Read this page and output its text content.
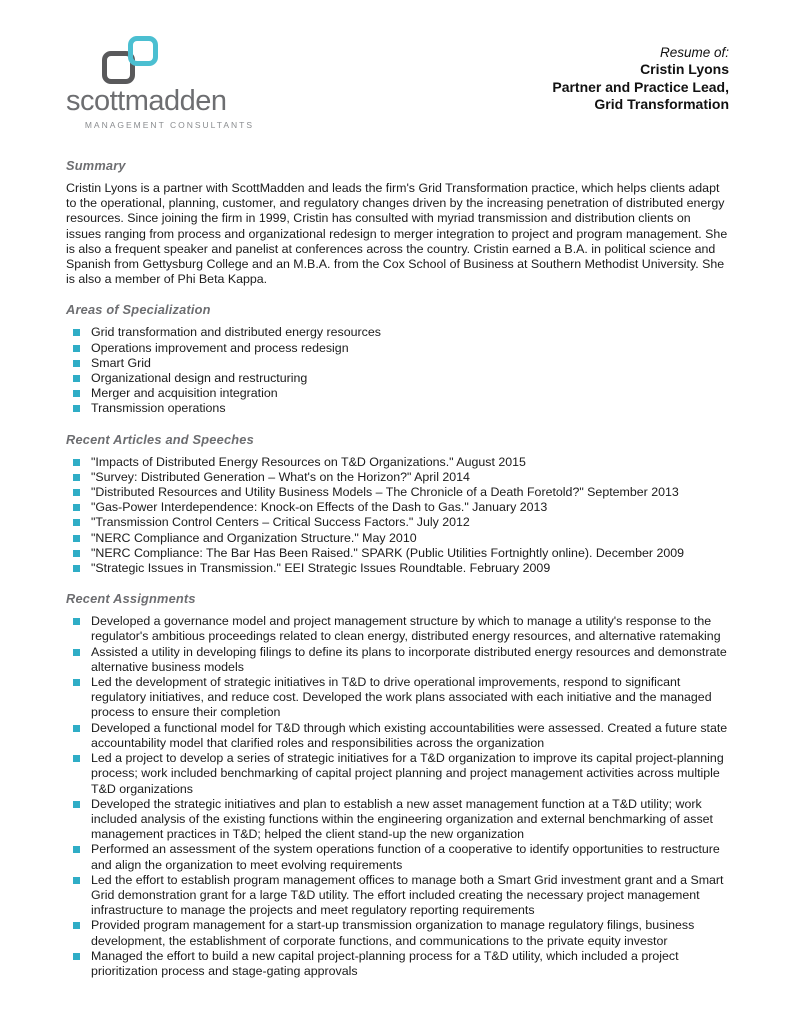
scottmadden
MANAGEMENT CONSULTANTS
Resume of:
Cristin Lyons
Partner and Practice Lead,
Grid Transformation
Summary
Cristin Lyons is a partner with ScottMadden and leads the firm's Grid Transformation practice, which helps clients adapt to the operational, planning, customer, and regulatory changes driven by the increasing penetration of distributed energy resources. Since joining the firm in 1999, Cristin has consulted with myriad transmission and distribution clients on issues ranging from process and organizational redesign to merger integration to project and program management. She is also a frequent speaker and panelist at conferences across the country. Cristin earned a B.A. in political science and Spanish from Gettysburg College and an M.B.A. from the Cox School of Business at Southern Methodist University. She is also a member of Phi Beta Kappa.
Areas of Specialization
Grid transformation and distributed energy resources
Operations improvement and process redesign
Smart Grid
Organizational design and restructuring
Merger and acquisition integration
Transmission operations
Recent Articles and Speeches
"Impacts of Distributed Energy Resources on T&D Organizations." August 2015
"Survey: Distributed Generation – What's on the Horizon?" April 2014
"Distributed Resources and Utility Business Models – The Chronicle of a Death Foretold?" September 2013
"Gas-Power Interdependence: Knock-on Effects of the Dash to Gas." January 2013
"Transmission Control Centers – Critical Success Factors." July 2012
"NERC Compliance and Organization Structure." May 2010
"NERC Compliance: The Bar Has Been Raised." SPARK (Public Utilities Fortnightly online). December 2009
"Strategic Issues in Transmission." EEI Strategic Issues Roundtable. February 2009
Recent Assignments
Developed a governance model and project management structure by which to manage a utility's response to the regulator's ambitious proceedings related to clean energy, distributed energy resources, and alternative ratemaking
Assisted a utility in developing filings to define its plans to incorporate distributed energy resources and demonstrate alternative business models
Led the development of strategic initiatives in T&D to drive operational improvements, respond to significant regulatory initiatives, and reduce cost. Developed the work plans associated with each initiative and the managed process to ensure their completion
Developed a functional model for T&D through which existing accountabilities were assessed. Created a future state accountability model that clarified roles and responsibilities across the organization
Led a project to develop a series of strategic initiatives for a T&D organization to improve its capital project-planning process; work included benchmarking of capital project planning and project management activities across multiple T&D organizations
Developed the strategic initiatives and plan to establish a new asset management function at a T&D utility; work included analysis of the existing functions within the engineering organization and external benchmarking of asset management practices in T&D; helped the client stand-up the new organization
Performed an assessment of the system operations function of a cooperative to identify opportunities to restructure and align the organization to meet evolving requirements
Led the effort to establish program management offices to manage both a Smart Grid investment grant and a Smart Grid demonstration grant for a large T&D utility. The effort included creating the necessary project management infrastructure to manage the projects and meet regulatory reporting requirements
Provided program management for a start-up transmission organization to manage regulatory filings, business development, the establishment of corporate functions, and communications to the private equity investor
Managed the effort to build a new capital project-planning process for a T&D utility, which included a project prioritization process and stage-gating approvals
